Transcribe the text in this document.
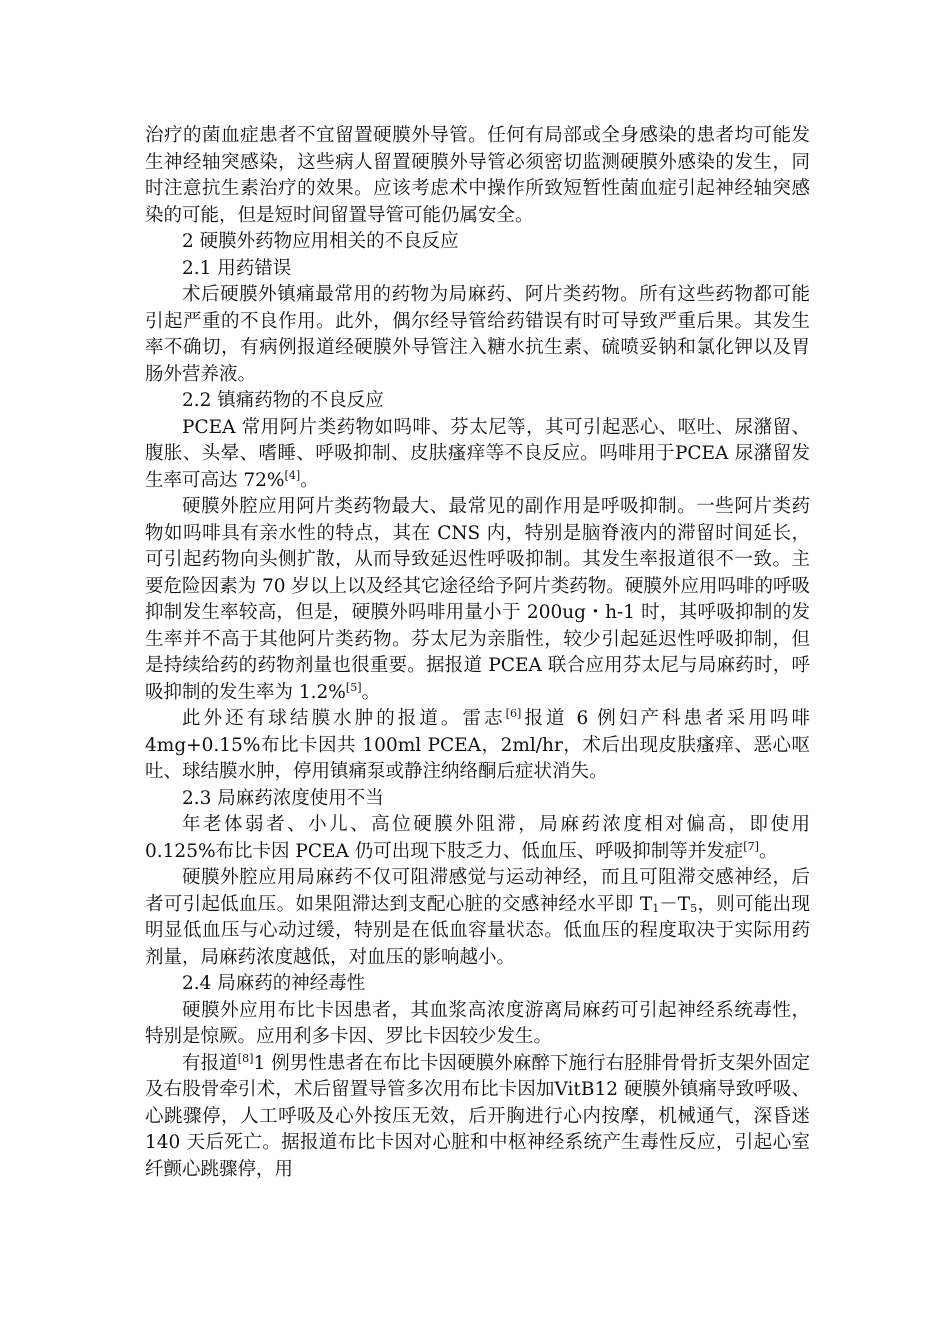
治疗的菌血症患者不宜留置硬膜外导管。任何有局部或全身感染的患者均可能发生神经轴突感染，这些病人留置硬膜外导管必须密切监测硬膜外感染的发生，同时注意抗生素治疗的效果。应该考虑术中操作所致短暂性菌血症引起神经轴突感染的可能，但是短时间留置导管可能仍属安全。

2 硬膜外药物应用相关的不良反应

2.1 用药错误

术后硬膜外镇痛最常用的药物为局麻药、阿片类药物。所有这些药物都可能引起严重的不良作用。此外，偶尔经导管给药错误有时可导致严重后果。其发生率不确切，有病例报道经硬膜外导管注入糖水抗生素、硫喷妥钠和氯化钾以及胃肠外营养液。

2.2 镇痛药物的不良反应

PCEA 常用阿片类药物如吗啡、芬太尼等，其可引起恶心、呕吐、尿潴留、腹胀、头晕、嗜睡、呼吸抑制、皮肤瘙痒等不良反应。吗啡用于PCEA 尿潴留发生率可高达 72%[4]。

硬膜外腔应用阿片类药物最大、最常见的副作用是呼吸抑制。一些阿片类药物如吗啡具有亲水性的特点，其在 CNS 内，特别是脑脊液内的滞留时间延长，可引起药物向头侧扩散，从而导致延迟性呼吸抑制。其发生率报道很不一致。主要危险因素为 70 岁以上以及经其它途径给予阿片类药物。硬膜外应用吗啡的呼吸抑制发生率较高，但是，硬膜外吗啡用量小于 200ug・h-1 时，其呼吸抑制的发生率并不高于其他阿片类药物。芬太尼为亲脂性，较少引起延迟性呼吸抑制，但是持续给药的药物剂量也很重要。据报道 PCEA 联合应用芬太尼与局麻药时，呼吸抑制的发生率为 1.2%[5]。

此外还有球结膜水肿的报道。雷志[6]报道 6 例妇产科患者采用吗啡 4mg+0.15%布比卡因共 100ml PCEA，2ml/hr，术后出现皮肤瘙痒、恶心呕吐、球结膜水肿，停用镇痛泵或静注纳络酮后症状消失。

2.3 局麻药浓度使用不当

年老体弱者、小儿、高位硬膜外阻滞，局麻药浓度相对偏高，即使用 0.125%布比卡因 PCEA 仍可出现下肢乏力、低血压、呼吸抑制等并发症[7]。

硬膜外腔应用局麻药不仅可阻滞感觉与运动神经，而且可阻滞交感神经，后者可引起低血压。如果阻滞达到支配心脏的交感神经水平即 $T_1-T_5$，则可能出现明显低血压与心动过缓，特别是在低血容量状态。低血压的程度取决于实际用药剂量，局麻药浓度越低，对血压的影响越小。

2.4 局麻药的神经毒性

硬膜外应用布比卡因患者，其血浆高浓度游离局麻药可引起神经系统毒性，特别是惊厥。应用利多卡因、罗比卡因较少发生。

有报道[8]1 例男性患者在布比卡因硬膜外麻醉下施行右胫腓骨骨折支架外固定及右股骨牵引术，术后留置导管多次用布比卡因加VitB12 硬膜外镇痛导致呼吸、心跳骤停，人工呼吸及心外按压无效，后开胸进行心内按摩，机械通气，深昏迷 140 天后死亡。据报道布比卡因对心脏和中枢神经系统产生毒性反应，引起心室纤颤心跳骤停，用
